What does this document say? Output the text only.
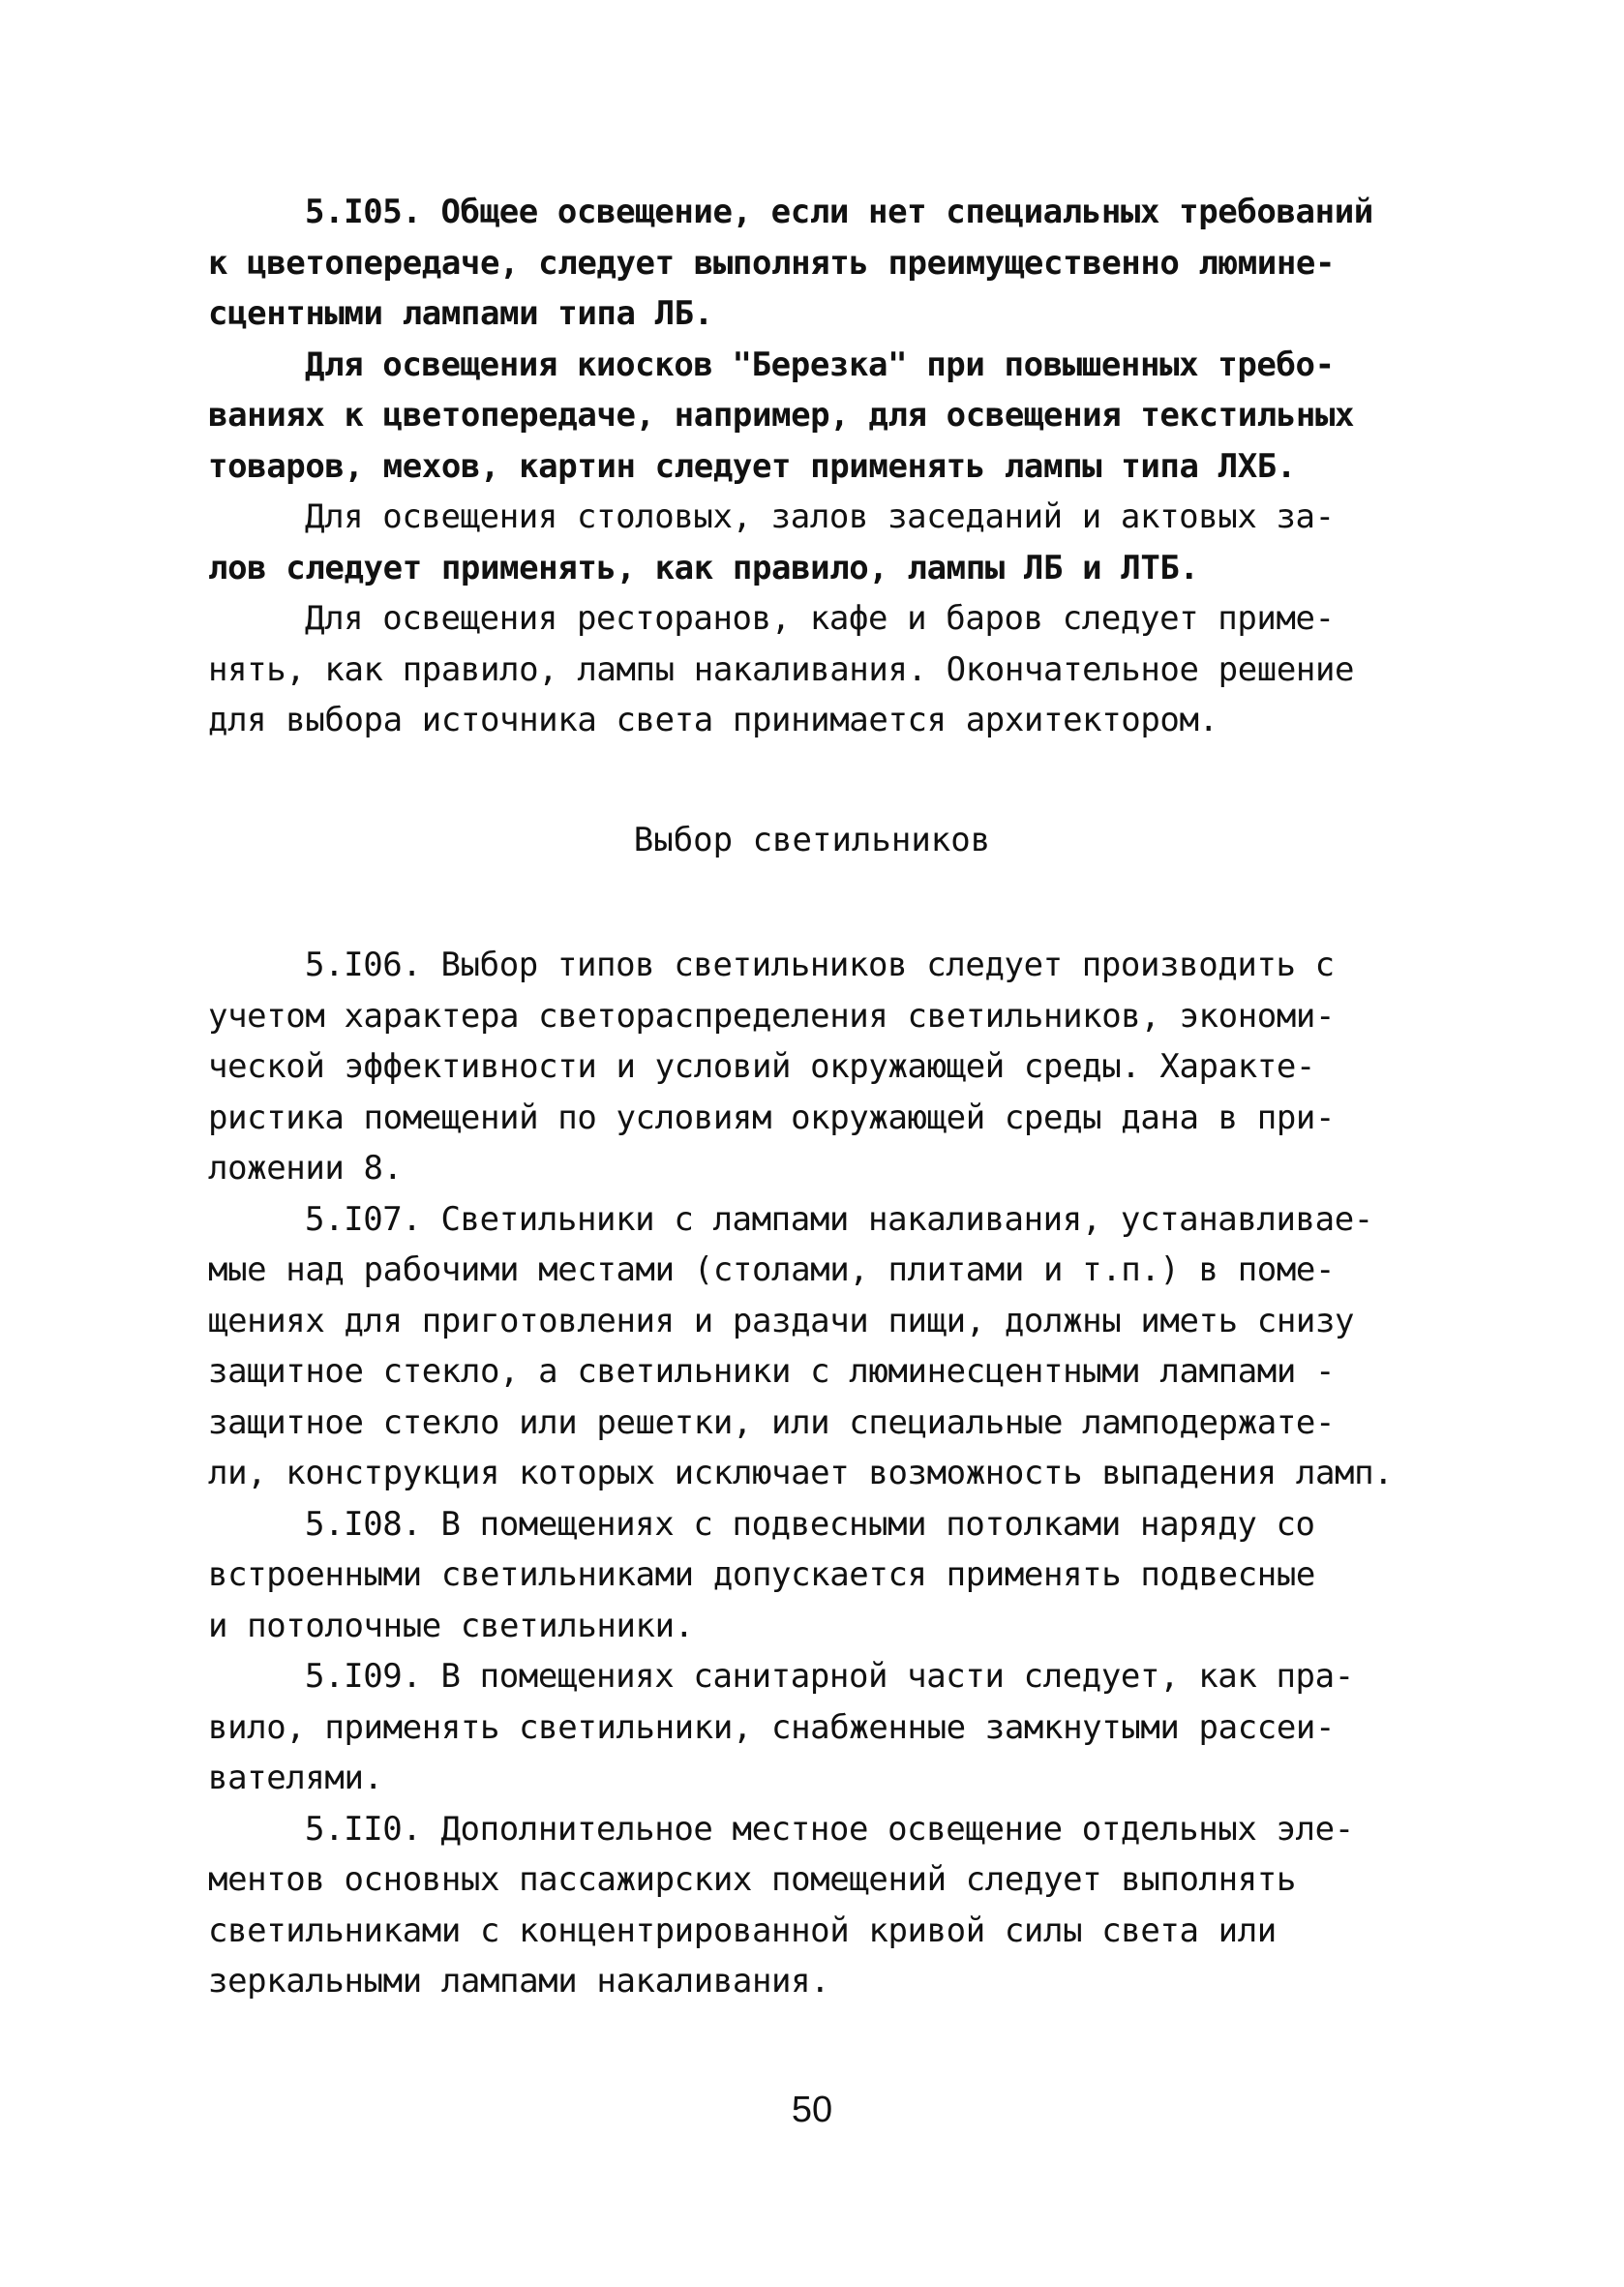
5.I05. Общее освещение, если нет специальных требований
к цветопередаче, следует выполнять преимущественно люмине-
сцентными лампами типа ЛБ.
Для освещения киосков "Березка" при повышенных требо-
ваниях к цветопередаче, например, для освещения текстильных
товаров, мехов, картин следует применять лампы типа ЛХБ.
Для освещения столовых, залов заседаний и актовых за-
лов следует применять, как правило, лампы ЛБ и ЛТБ.
Для освещения ресторанов, кафе и баров следует приме-
нять, как правило, лампы накаливания. Окончательное решение
для выбора источника света принимается архитектором.
Выбор светильников
5.I06. Выбор типов светильников следует производить с
учетом характера светораспределения светильников, экономи-
ческой эффективности и условий окружающей среды. Характе-
ристика помещений по условиям окружающей среды дана в при-
ложении 8.
5.I07. Светильники с лампами накаливания, устанавливае-
мые над рабочими местами (столами, плитами и т.п.) в поме-
щениях для приготовления и раздачи пищи, должны иметь снизу
защитное стекло, а светильники с люминесцентными лампами -
защитное стекло или решетки, или специальные ламподержате-
ли, конструкция которых исключает возможность выпадения ламп.
5.I08. В помещениях с подвесными потолками наряду со
встроенными светильниками допускается применять подвесные
и потолочные светильники.
5.I09. В помещениях санитарной части следует, как пра-
вило, применять светильники, снабженные замкнутыми рассеи-
вателями.
5.II0. Дополнительное местное освещение отдельных эле-
ментов основных пассажирских помещений следует выполнять
светильниками с концентрированной кривой силы света или
зеркальными лампами накаливания.
50
